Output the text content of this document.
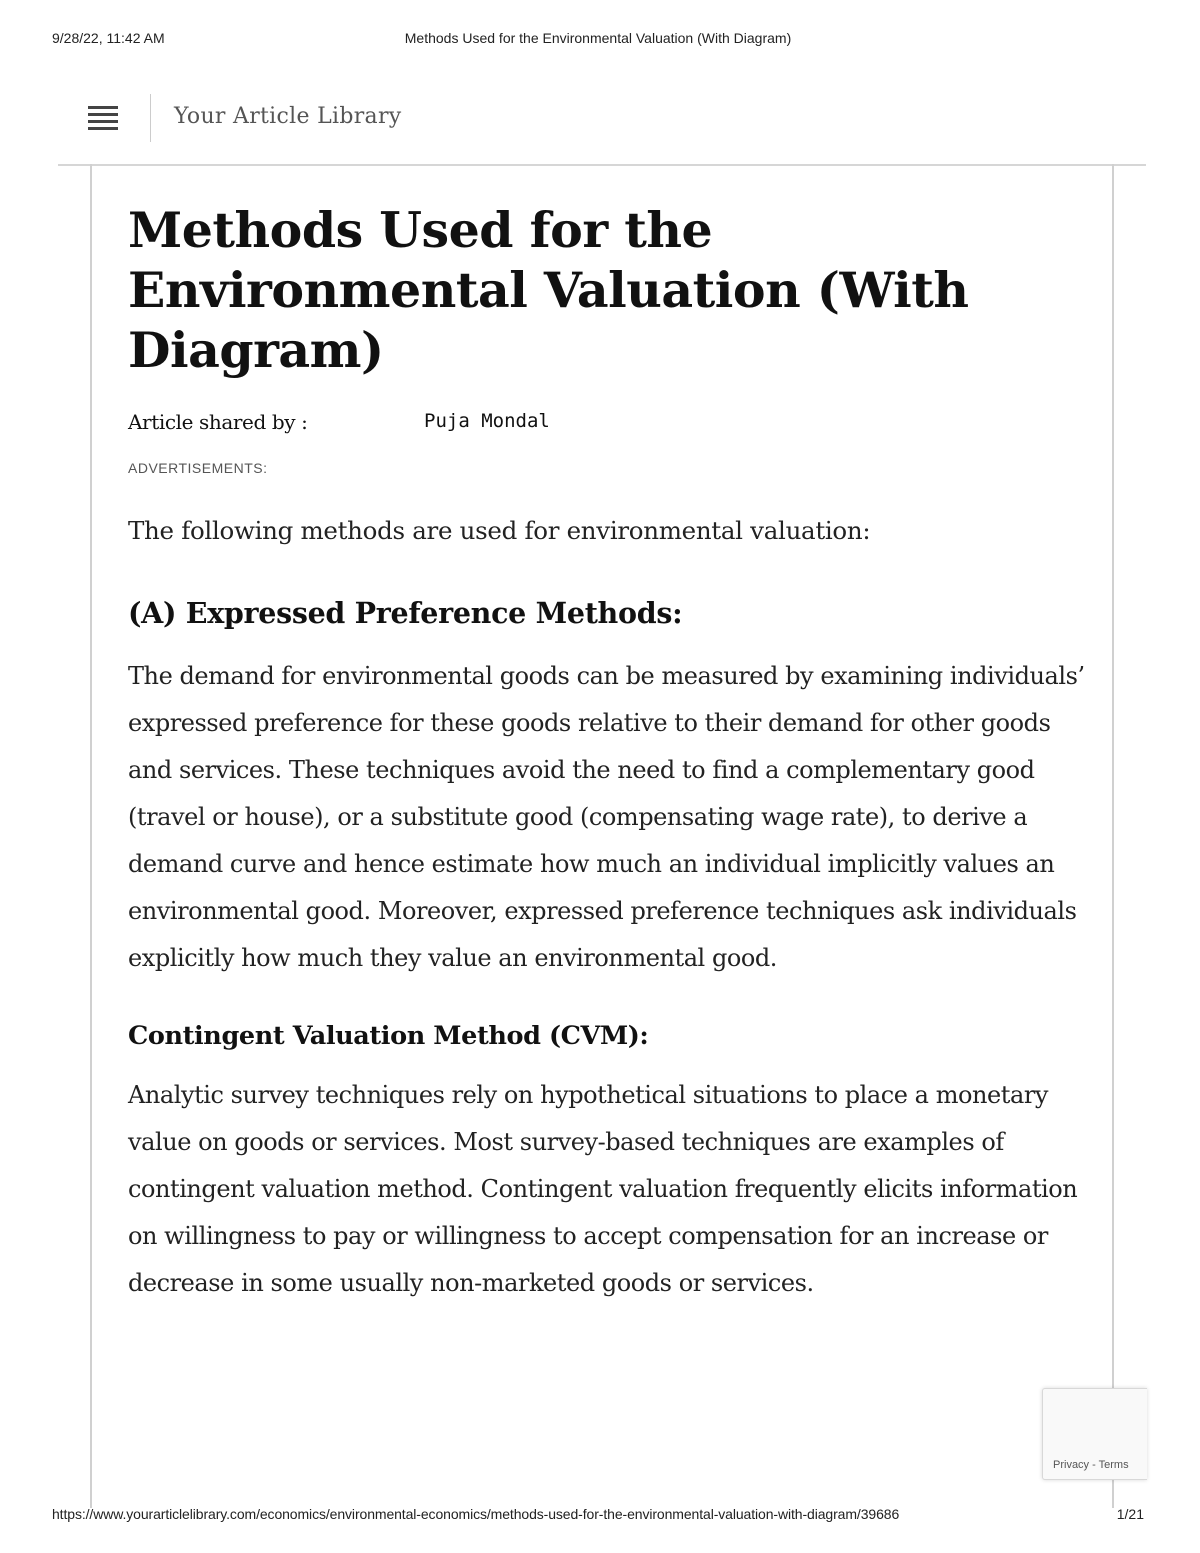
9/28/22, 11:42 AM	Methods Used for the Environmental Valuation (With Diagram)
Your Article Library
Methods Used for the Environmental Valuation (With Diagram)
Article shared by :	Puja Mondal
ADVERTISEMENTS:

The following methods are used for environmental valuation:

(A) Expressed Preference Methods:

The demand for environmental goods can be measured by examining individuals’ expressed preference for these goods relative to their demand for other goods and services. These techniques avoid the need to find a complementary good (travel or house), or a substitute good (compensating wage rate), to derive a demand curve and hence estimate how much an individual implicitly values an environmental good. Moreover, expressed preference techniques ask individuals explicitly how much they value an environmental good.

Contingent Valuation Method (CVM):

Analytic survey techniques rely on hypothetical situations to place a monetary value on goods or services. Most survey-based techniques are examples of contingent valuation method. Contingent valuation frequently elicits information on willingness to pay or willingness to accept compensation for an increase or decrease in some usually non-marketed goods or services.

Privacy - Terms
https://www.yourarticlelibrary.com/economics/environmental-economics/methods-used-for-the-environmental-valuation-with-diagram/39686	1/21
